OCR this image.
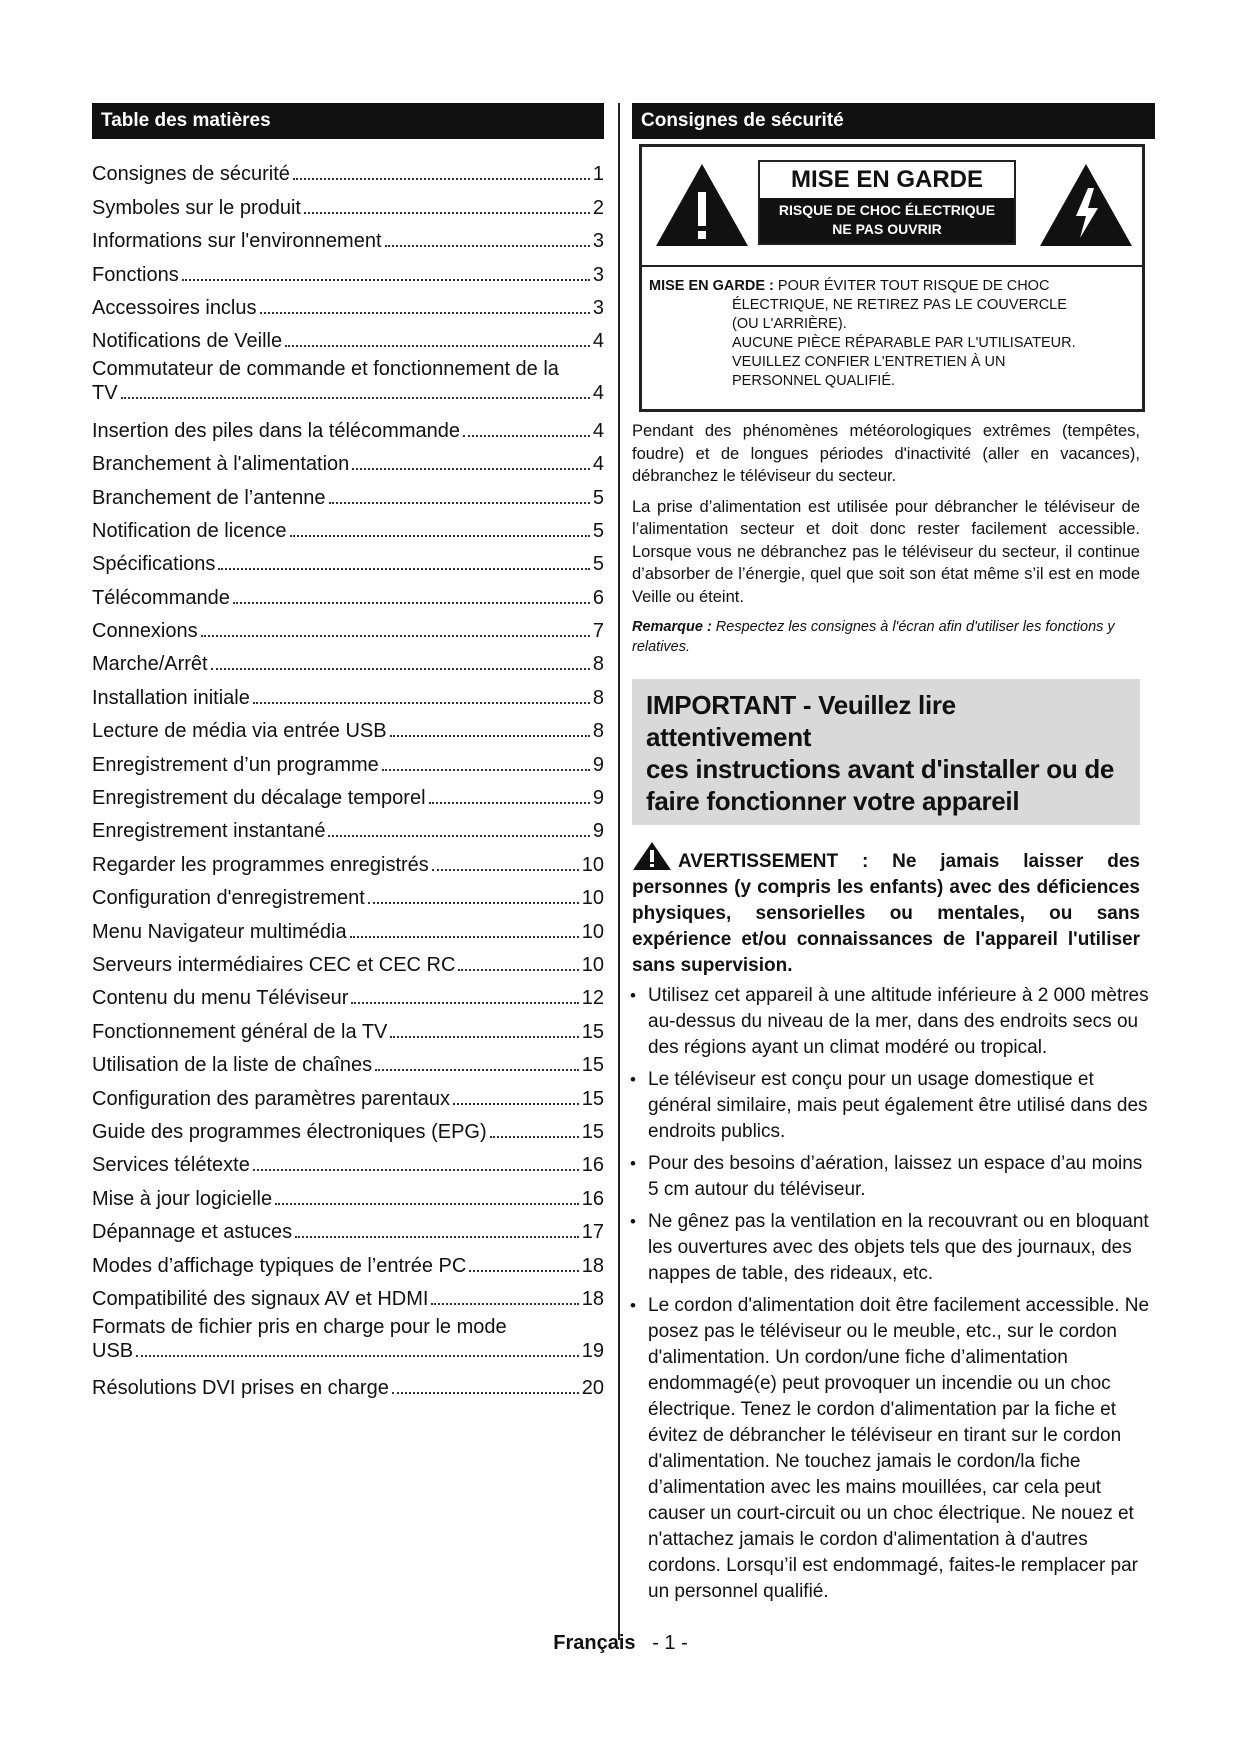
Table des matières
Consignes de sécurité	1
Symboles sur le produit	2
Informations sur l'environnement	3
Fonctions	3
Accessoires inclus	3
Notifications de Veille	4
Commutateur de commande et fonctionnement de la
TV	4
Insertion des piles dans la télécommande	4
Branchement à l'alimentation	4
Branchement de l’antenne	5
Notification de licence	5
Spécifications	5
Télécommande	6
Connexions	7
Marche/Arrêt	8
Installation initiale	8
Lecture de média via entrée USB	8
Enregistrement d’un programme	9
Enregistrement du décalage temporel	9
Enregistrement instantané	9
Regarder les programmes enregistrés	10
Configuration d'enregistrement	10
Menu Navigateur multimédia	10
Serveurs intermédiaires CEC et CEC RC	10
Contenu du menu Téléviseur	12
Fonctionnement général de la TV	15
Utilisation de la liste de chaînes	15
Configuration des paramètres parentaux	15
Guide des programmes électroniques (EPG)	15
Services télétexte	16
Mise à jour logicielle	16
Dépannage et astuces	17
Modes d’affichage typiques de l’entrée PC	18
Compatibilité des signaux AV et HDMI	18
Formats de fichier pris en charge pour le mode
USB	19
Résolutions DVI prises en charge	20
Consignes de sécurité
MISE EN GARDE
RISQUE DE CHOC ÉLECTRIQUE
NE PAS OUVRIR
MISE EN GARDE : POUR ÉVITER TOUT RISQUE DE CHOC
ÉLECTRIQUE, NE RETIREZ PAS LE COUVERCLE
(OU L'ARRIÈRE).
AUCUNE PIÈCE RÉPARABLE PAR L'UTILISATEUR.
VEUILLEZ CONFIER L'ENTRETIEN À UN
PERSONNEL QUALIFIÉ.

Pendant des phénomènes météorologiques extrêmes (tempêtes, foudre) et de longues périodes d'inactivité (aller en vacances), débranchez le téléviseur du secteur.

La prise d’alimentation est utilisée pour débrancher le téléviseur de l’alimentation secteur et doit donc rester facilement accessible. Lorsque vous ne débranchez pas le téléviseur du secteur, il continue d’absorber de l’énergie, quel que soit son état même s’il est en mode Veille ou éteint.

Remarque : Respectez les consignes à l'écran afin d'utiliser les fonctions y relatives.
IMPORTANT - Veuillez lire attentivement
ces instructions avant d'installer ou de
faire fonctionner votre appareil
AVERTISSEMENT : Ne jamais laisser des personnes (y compris les enfants) avec des déficiences physiques, sensorielles ou mentales, ou sans expérience et/ou connaissances de l'appareil l'utiliser sans supervision.
• Utilisez cet appareil à une altitude inférieure à 2 000 mètres au-dessus du niveau de la mer, dans des endroits secs ou des régions ayant un climat modéré ou tropical.
• Le téléviseur est conçu pour un usage domestique et général similaire, mais peut également être utilisé dans des endroits publics.
• Pour des besoins d’aération, laissez un espace d’au moins 5 cm autour du téléviseur.
• Ne gênez pas la ventilation en la recouvrant ou en bloquant les ouvertures avec des objets tels que des journaux, des nappes de table, des rideaux, etc.
• Le cordon d'alimentation doit être facilement accessible. Ne posez pas le téléviseur ou le meuble, etc., sur le cordon d'alimentation. Un cordon/une fiche d’alimentation endommagé(e) peut provoquer un incendie ou un choc électrique. Tenez le cordon d'alimentation par la fiche et évitez de débrancher le téléviseur en tirant sur le cordon d'alimentation. Ne touchez jamais le cordon/la fiche d’alimentation avec les mains mouillées, car cela peut causer un court-circuit ou un choc électrique. Ne nouez et n'attachez jamais le cordon d'alimentation à d'autres cordons. Lorsqu’il est endommagé, faites-le remplacer par un personnel qualifié.
Français - 1 -
